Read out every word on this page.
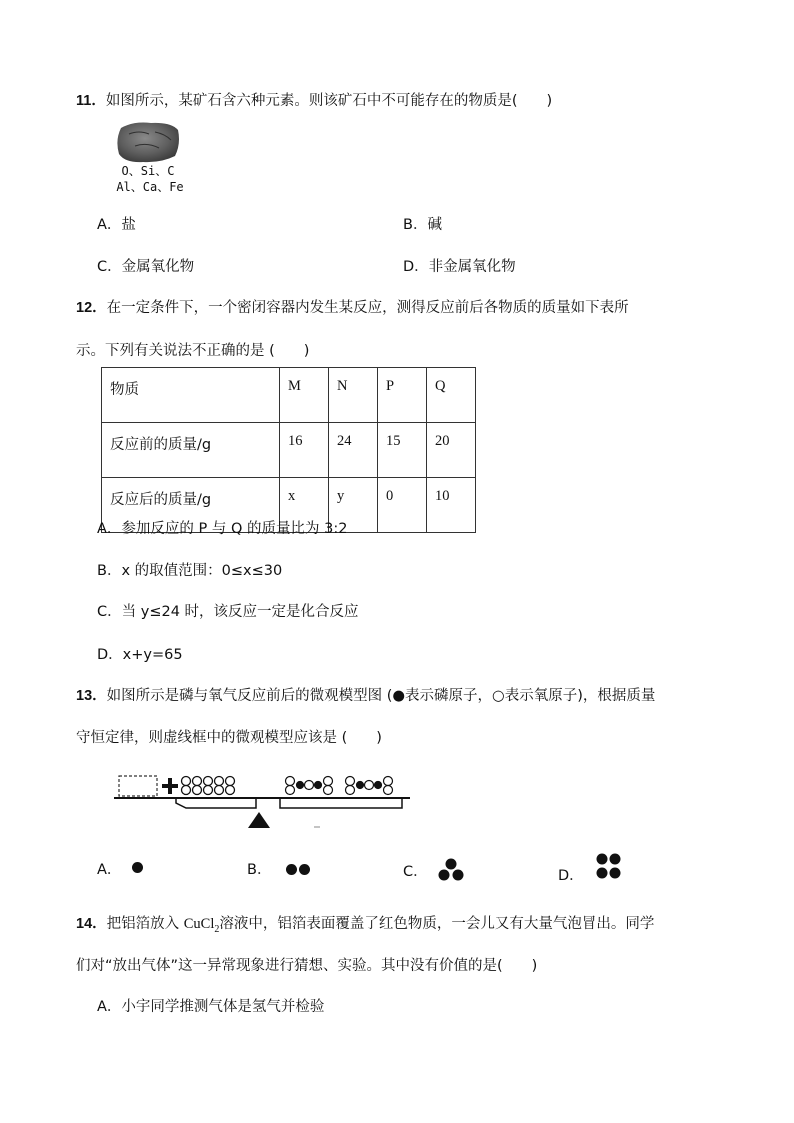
11．如图所示，某矿石含六种元素。则该矿石中不可能存在的物质是(　　)
O、Si、C
Al、Ca、Fe
A．盐	B．碱
C．金属氧化物	D．非金属氧化物
12．在一定条件下，一个密闭容器内发生某反应，测得反应前后各物质的质量如下表所
示。下列有关说法不正确的是 (　　)
物质	M	N	P	Q
反应前的质量/g	16	24	15	20
反应后的质量/g	x	y	0	10
A．参加反应的 P 与 Q 的质量比为 3:2
B．x 的取值范围：0≤x≤30
C．当 y≤24 时，该反应一定是化合反应
D．x+y=65
13．如图所示是磷与氧气反应前后的微观模型图 (●表示磷原子，○表示氧原子)，根据质量
守恒定律，则虚线框中的微观模型应该是 (　　)
A．	B．	C．	D．
14．把铝箔放入 CuCl$_2$溶液中，铝箔表面覆盖了红色物质，一会儿又有大量气泡冒出。同学
们对“放出气体”这一异常现象进行猜想、实验。其中没有价值的是(　　)
A．小宇同学推测气体是氢气并检验
